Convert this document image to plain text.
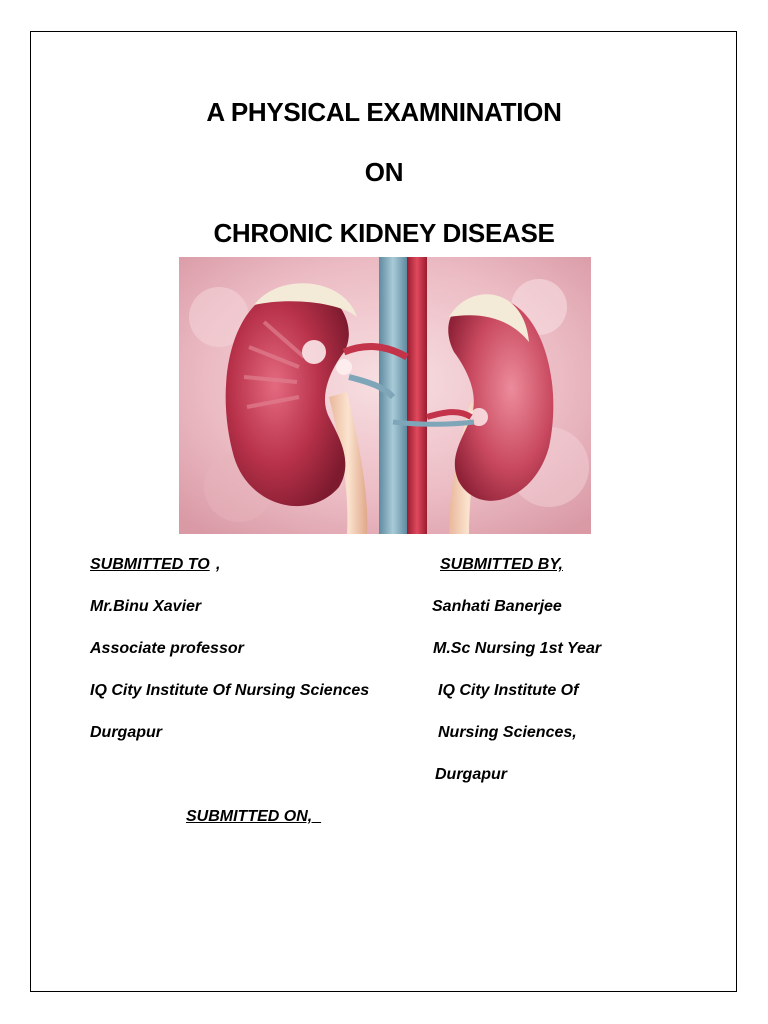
A PHYSICAL EXAMNINATION
ON
CHRONIC KIDNEY DISEASE
SUBMITTED TO ,
Mr.Binu Xavier
Associate professor
IQ City Institute Of Nursing Sciences
Durgapur
SUBMITTED BY,
Sanhati Banerjee
M.Sc Nursing 1st Year
IQ City Institute Of
Nursing Sciences,
Durgapur
SUBMITTED ON,
